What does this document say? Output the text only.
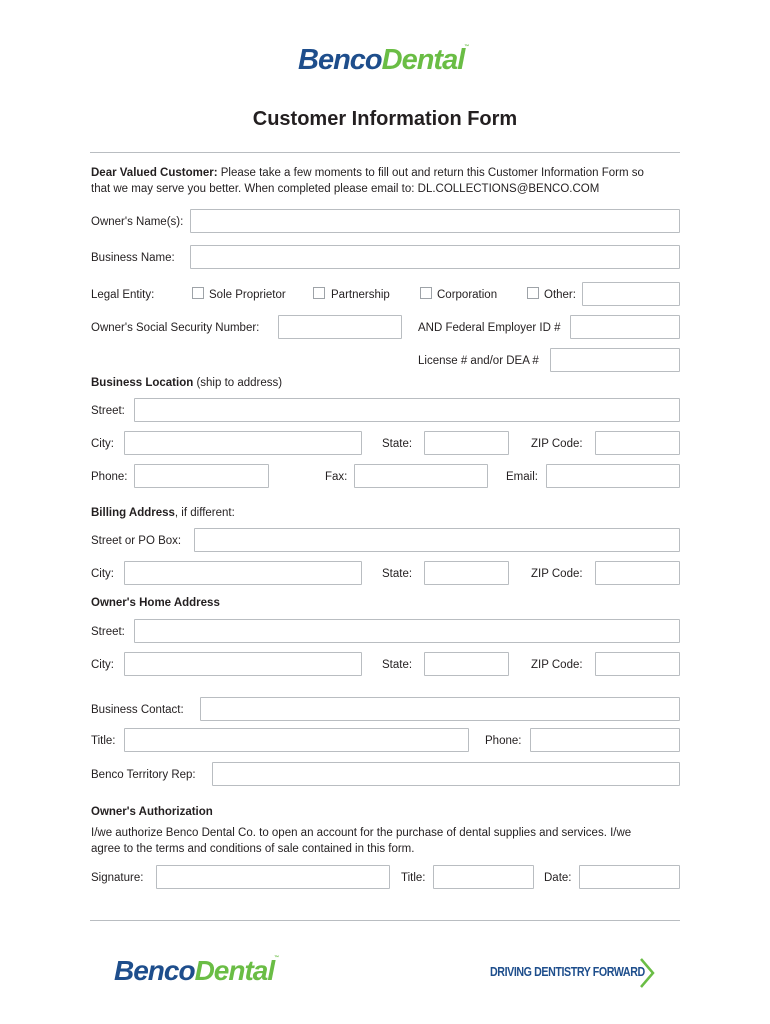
BencoDental™
Customer Information Form
Dear Valued Customer: Please take a few moments to fill out and return this Customer Information Form so
that we may serve you better. When completed please email to: DL.COLLECTIONS@BENCO.COM
Owner's Name(s):
Business Name:
Legal Entity:	Sole Proprietor	Partnership	Corporation	Other:
Owner's Social Security Number:	AND Federal Employer ID #
License # and/or DEA #
Business Location (ship to address)
Street:
City:	State:	ZIP Code:
Phone:	Fax:	Email:
Billing Address, if different:
Street or PO Box:
City:	State:	ZIP Code:
Owner's Home Address
Street:
City:	State:	ZIP Code:
Business Contact:
Title:	Phone:
Benco Territory Rep:
Owner's Authorization
I/we authorize Benco Dental Co. to open an account for the purchase of dental supplies and services. I/we
agree to the terms and conditions of sale contained in this form.
Signature:	Title:	Date:
BencoDental™
DRIVING DENTISTRY FORWARD
